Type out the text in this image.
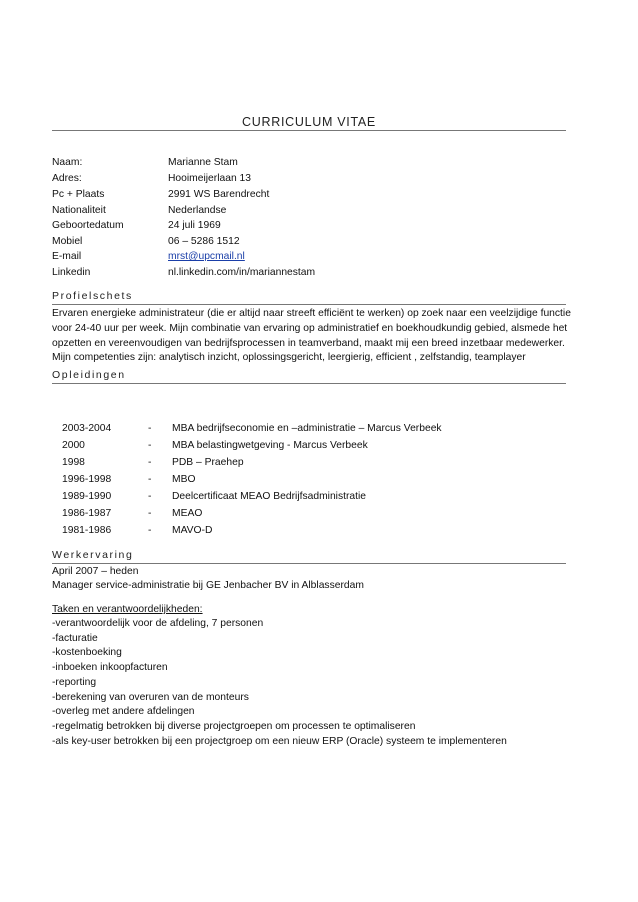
CURRICULUM VITAE
Naam:	Marianne Stam
Adres:	Hooimeijerlaan 13
Pc + Plaats	2991 WS Barendrecht
Nationaliteit	Nederlandse
Geboortedatum	24 juli 1969
Mobiel	06 – 5286 1512
E-mail	mrst@upcmail.nl
Linkedin	nl.linkedin.com/in/mariannestam
Profielschets
Ervaren energieke administrateur (die er altijd naar streeft efficiënt te werken) op zoek naar een veelzijdige functie
voor 24-40 uur per week. Mijn combinatie van ervaring op administratief en boekhoudkundig gebied, alsmede het
opzetten en vereenvoudigen van bedrijfsprocessen in teamverband, maakt mij een breed inzetbaar medewerker.
Mijn competenties zijn: analytisch inzicht, oplossingsgericht, leergierig, efficient , zelfstandig, teamplayer
Opleidingen
2003-2004	- MBA bedrijfseconomie en –administratie – Marcus Verbeek
2000	- MBA belastingwetgeving - Marcus Verbeek
1998	- PDB – Praehep
1996-1998	- MBO
1989-1990	- Deelcertificaat MEAO Bedrijfsadministratie
1986-1987	- MEAO
1981-1986	- MAVO-D
Werkervaring
April 2007 – heden
Manager service-administratie bij GE Jenbacher BV in Alblasserdam
Taken en verantwoordelijkheden:
-verantwoordelijk voor de afdeling, 7 personen
-facturatie
-kostenboeking
-inboeken inkoopfacturen
-reporting
-berekening van overuren van de monteurs
-overleg met andere afdelingen
-regelmatig betrokken bij diverse projectgroepen om processen te optimaliseren
-als key-user betrokken bij een projectgroep om een nieuw ERP (Oracle) systeem te implementeren
